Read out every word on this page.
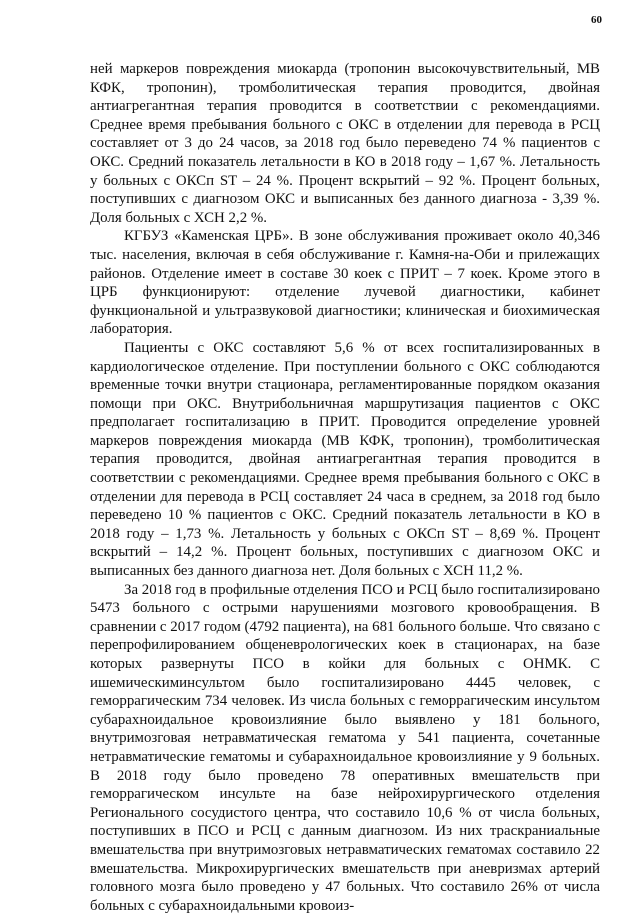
60

ней маркеров повреждения миокарда (тропонин высокочувствительный, МВ КФК, тропонин), тромболитическая терапия проводится, двойная антиагрегантная терапия проводится в соответствии с рекомендациями. Среднее время пребывания больного с ОКС в отделении для перевода в РСЦ составляет от 3 до 24 часов, за 2018 год было переведено 74 % пациентов с ОКС. Средний показатель летальности в КО в 2018 году – 1,67 %. Летальность у больных с ОКСп ST – 24 %. Процент вскрытий – 92 %. Процент больных, поступивших с диагнозом ОКС и выписанных без данного диагноза - 3,39 %. Доля больных с ХСН 2,2 %.

КГБУЗ «Каменская ЦРБ». В зоне обслуживания проживает около 40,346 тыс. населения, включая в себя обслуживание г. Камня-на-Оби и прилежащих районов. Отделение имеет в составе 30 коек с ПРИТ – 7 коек. Кроме этого в ЦРБ функционируют: отделение лучевой диагностики, кабинет функциональной и ультразвуковой диагностики; клиническая и биохимическая лаборатория.

Пациенты с ОКС составляют 5,6 % от всех госпитализированных в кардиологическое отделение. При поступлении больного с ОКС соблюдаются временные точки внутри стационара, регламентированные порядком оказания помощи при ОКС. Внутрибольничная маршрутизация пациентов с ОКС предполагает госпитализацию в ПРИТ. Проводится определение уровней маркеров повреждения миокарда (МВ КФК, тропонин), тромболитическая терапия проводится, двойная антиагрегантная терапия проводится в соответствии с рекомендациями. Среднее время пребывания больного с ОКС в отделении для перевода в РСЦ составляет 24 часа в среднем, за 2018 год было переведено 10 % пациентов с ОКС. Средний показатель летальности в КО в 2018 году – 1,73 %. Летальность у больных с ОКСп ST – 8,69 %. Процент вскрытий – 14,2 %. Процент больных, поступивших с диагнозом ОКС и выписанных без данного диагноза нет. Доля больных с ХСН 11,2 %.

За 2018 год в профильные отделения ПСО и РСЦ было госпитализировано 5473 больного с острыми нарушениями мозгового кровообращения. В сравнении с 2017 годом (4792 пациента), на 681 больного больше. Что связано с перепрофилированием общеневрологических коек в стационарах, на базе которых развернуты ПСО в койки для больных с ОНМК. С ишемическиминсультом было госпитализировано 4445 человек, с геморрагическим 734 человек. Из числа больных с геморрагическим инсультом субарахноидальное кровоизлияние было выявлено у 181 больного, внутримозговая нетравматическая гематома у 541 пациента, сочетанные нетравматические гематомы и субарахноидальное кровоизлияние у 9 больных. В 2018 году было проведено 78 оперативных вмешательств при геморрагическом инсульте на базе нейрохирургического отделения Регионального сосудистого центра, что составило 10,6 % от числа больных, поступивших в ПСО и РСЦ с данным диагнозом. Из них траскраниальные вмешательства при внутримозговых нетравматических гематомах составило 22 вмешательства. Микрохирургических вмешательств при аневризмах артерий головного мозга было проведено у 47 больных. Что составило 26% от числа больных с субарахноидальными кровоиз-
